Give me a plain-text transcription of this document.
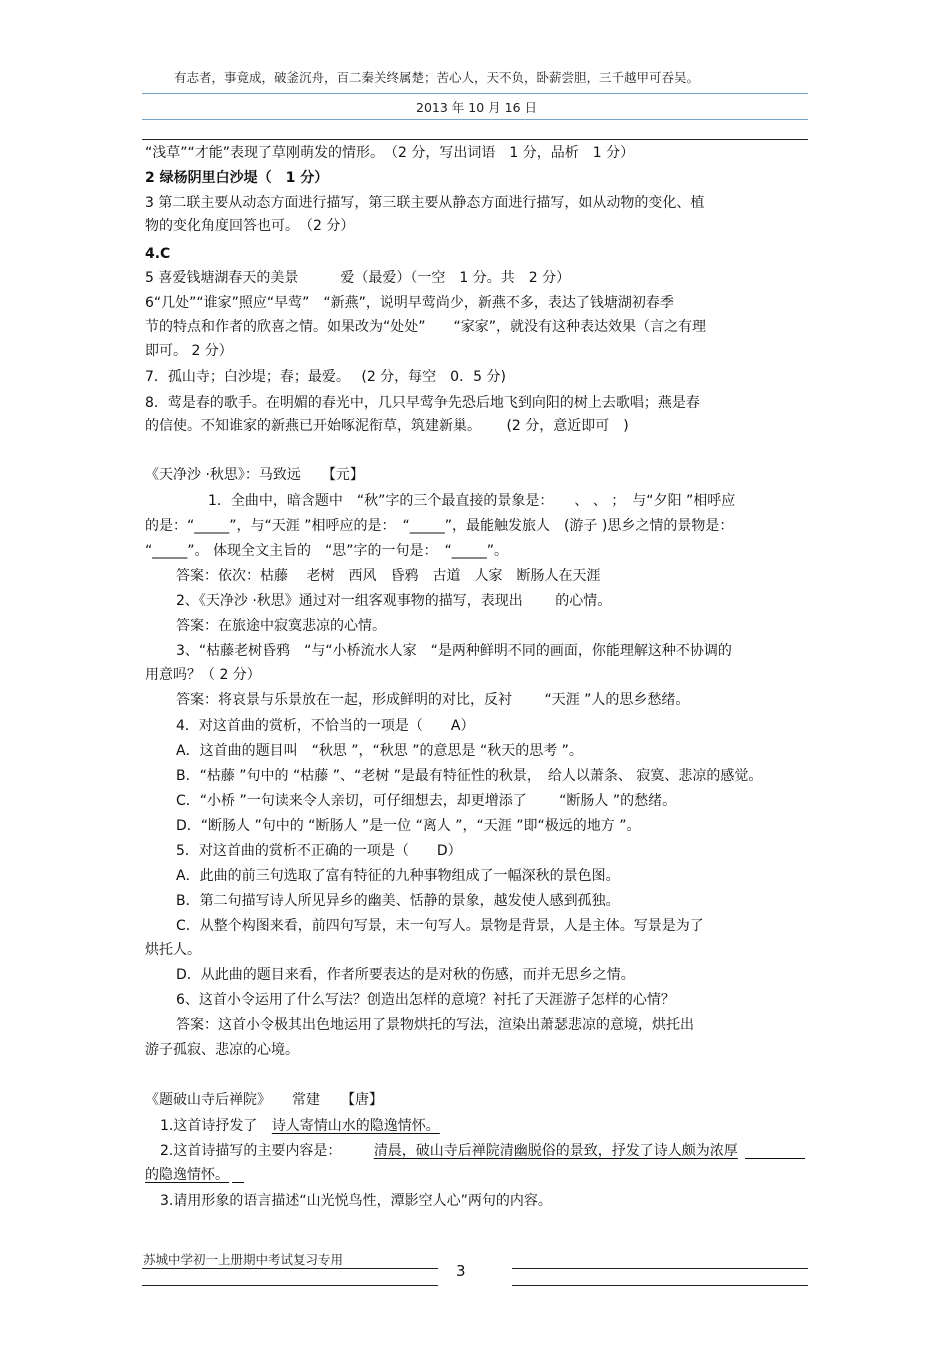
有志者，事竟成，破釜沉舟，百二秦关终属楚；苦心人，天不负，卧薪尝胆，三千越甲可吞吴。
2013 年 10 月 16 日
“浅草”“才能”表现了草刚萌发的情形。　（2 分，写出词语　1 分，品析　1 分）
2 绿杨阴里白沙堤（　1 分）
3 第二联主要从动态方面进行描写，第三联主要从静态方面进行描写，如从动物的变化、植
物的变化角度回答也可。　（2 分）
4.C
5 喜爱钱塘湖春天的美景　　　爱（最爱）（一空　1 分。共　2 分）
6“几处”“谁家”照应“早莺”　“新燕”，说明早莺尚少，新燕不多，表达了钱塘湖初春季
节的特点和作者的欣喜之情。如果改为“处处”　　“家家”，就没有这种表达效果（言之有理
即可。 2 分）
7．孤山寺；白沙堤；春；最爱。　 (2 分，每空　0．5 分)
8．莺是春的歌手。在明媚的春光中，几只早莺争先恐后地飞到向阳的树上去歌唱；燕是春
的信使。不知谁家的新燕已开始啄泥衔草，筑建新巢。　　 (2 分，意近即可　)
《天净沙 ·秋思》：马致远　　【元】
1．全曲中，暗含题中　“秋”字的三个最直接的景象是：　　、 、 ；　与“夕阳 ”相呼应
的是：“_____”，与“天涯 ”相呼应的是：　“_____”，最能触发旅人　(游子 )思乡之情的景物是：
“_____”。 体现全文主旨的　“思”字的一句是：　“_____”。
答案：依次：枯藤　 老树　西风　昏鸦　古道　人家　断肠人在天涯
2、《天净沙 ·秋思》通过对一组客观事物的描写，表现出　　 的心情。
答案：在旅途中寂寞悲凉的心情。
3、“枯藤老树昏鸦　“与“小桥流水人家　“是两种鲜明不同的画面，你能理解这种不协调的
用意吗？（ 2 分）
答案：将哀景与乐景放在一起，形成鲜明的对比，反衬　　 “天涯 ”人的思乡愁绪。
4．对这首曲的赏析，不恰当的一项是（　　A）
A．这首曲的题目叫　“秋思 ”，“秋思 ”的意思是 “秋天的思考 ”。
B．“枯藤 ”句中的 “枯藤 ”、“老树 ”是最有特征性的秋景，　给人以萧条、 寂寞、悲凉的感觉。
C．“小桥 ”一句读来令人亲切，可仔细想去，却更增添了　　 “断肠人 ”的愁绪。
D．“断肠人 ”句中的 “断肠人 ”是一位 “离人 ”，“天涯 ”即“极远的地方 ”。
5．对这首曲的赏析不正确的一项是（　　D）
A．此曲的前三句选取了富有特征的九种事物组成了一幅深秋的景色图。
B．第二句描写诗人所见异乡的幽美、恬静的景象，越发使人感到孤独。
C．从整个构图来看，前四句写景，末一句写人。景物是背景，人是主体。写景是为了
烘托人。
D．从此曲的题目来看，作者所要表达的是对秋的伤感，而并无思乡之情。
6、这首小令运用了什么写法？创造出怎样的意境？衬托了天涯游子怎样的心情？
答案：这首小令极其出色地运用了景物烘托的写法，渲染出萧瑟悲凉的意境，烘托出
游子孤寂、悲凉的心境。
《题破山寺后禅院》　　常建　　【唐】
1.这首诗抒发了 诗人寄情山水的隐逸情怀。
2.这首诗描写的主要内容是： 清晨，破山寺后禅院清幽脱俗的景致，抒发了诗人颇为浓厚
的隐逸情怀。
3.请用形象的语言描述“山光悦鸟性，潭影空人心”两句的内容。
苏城中学初一上册期中考试复习专用
3
